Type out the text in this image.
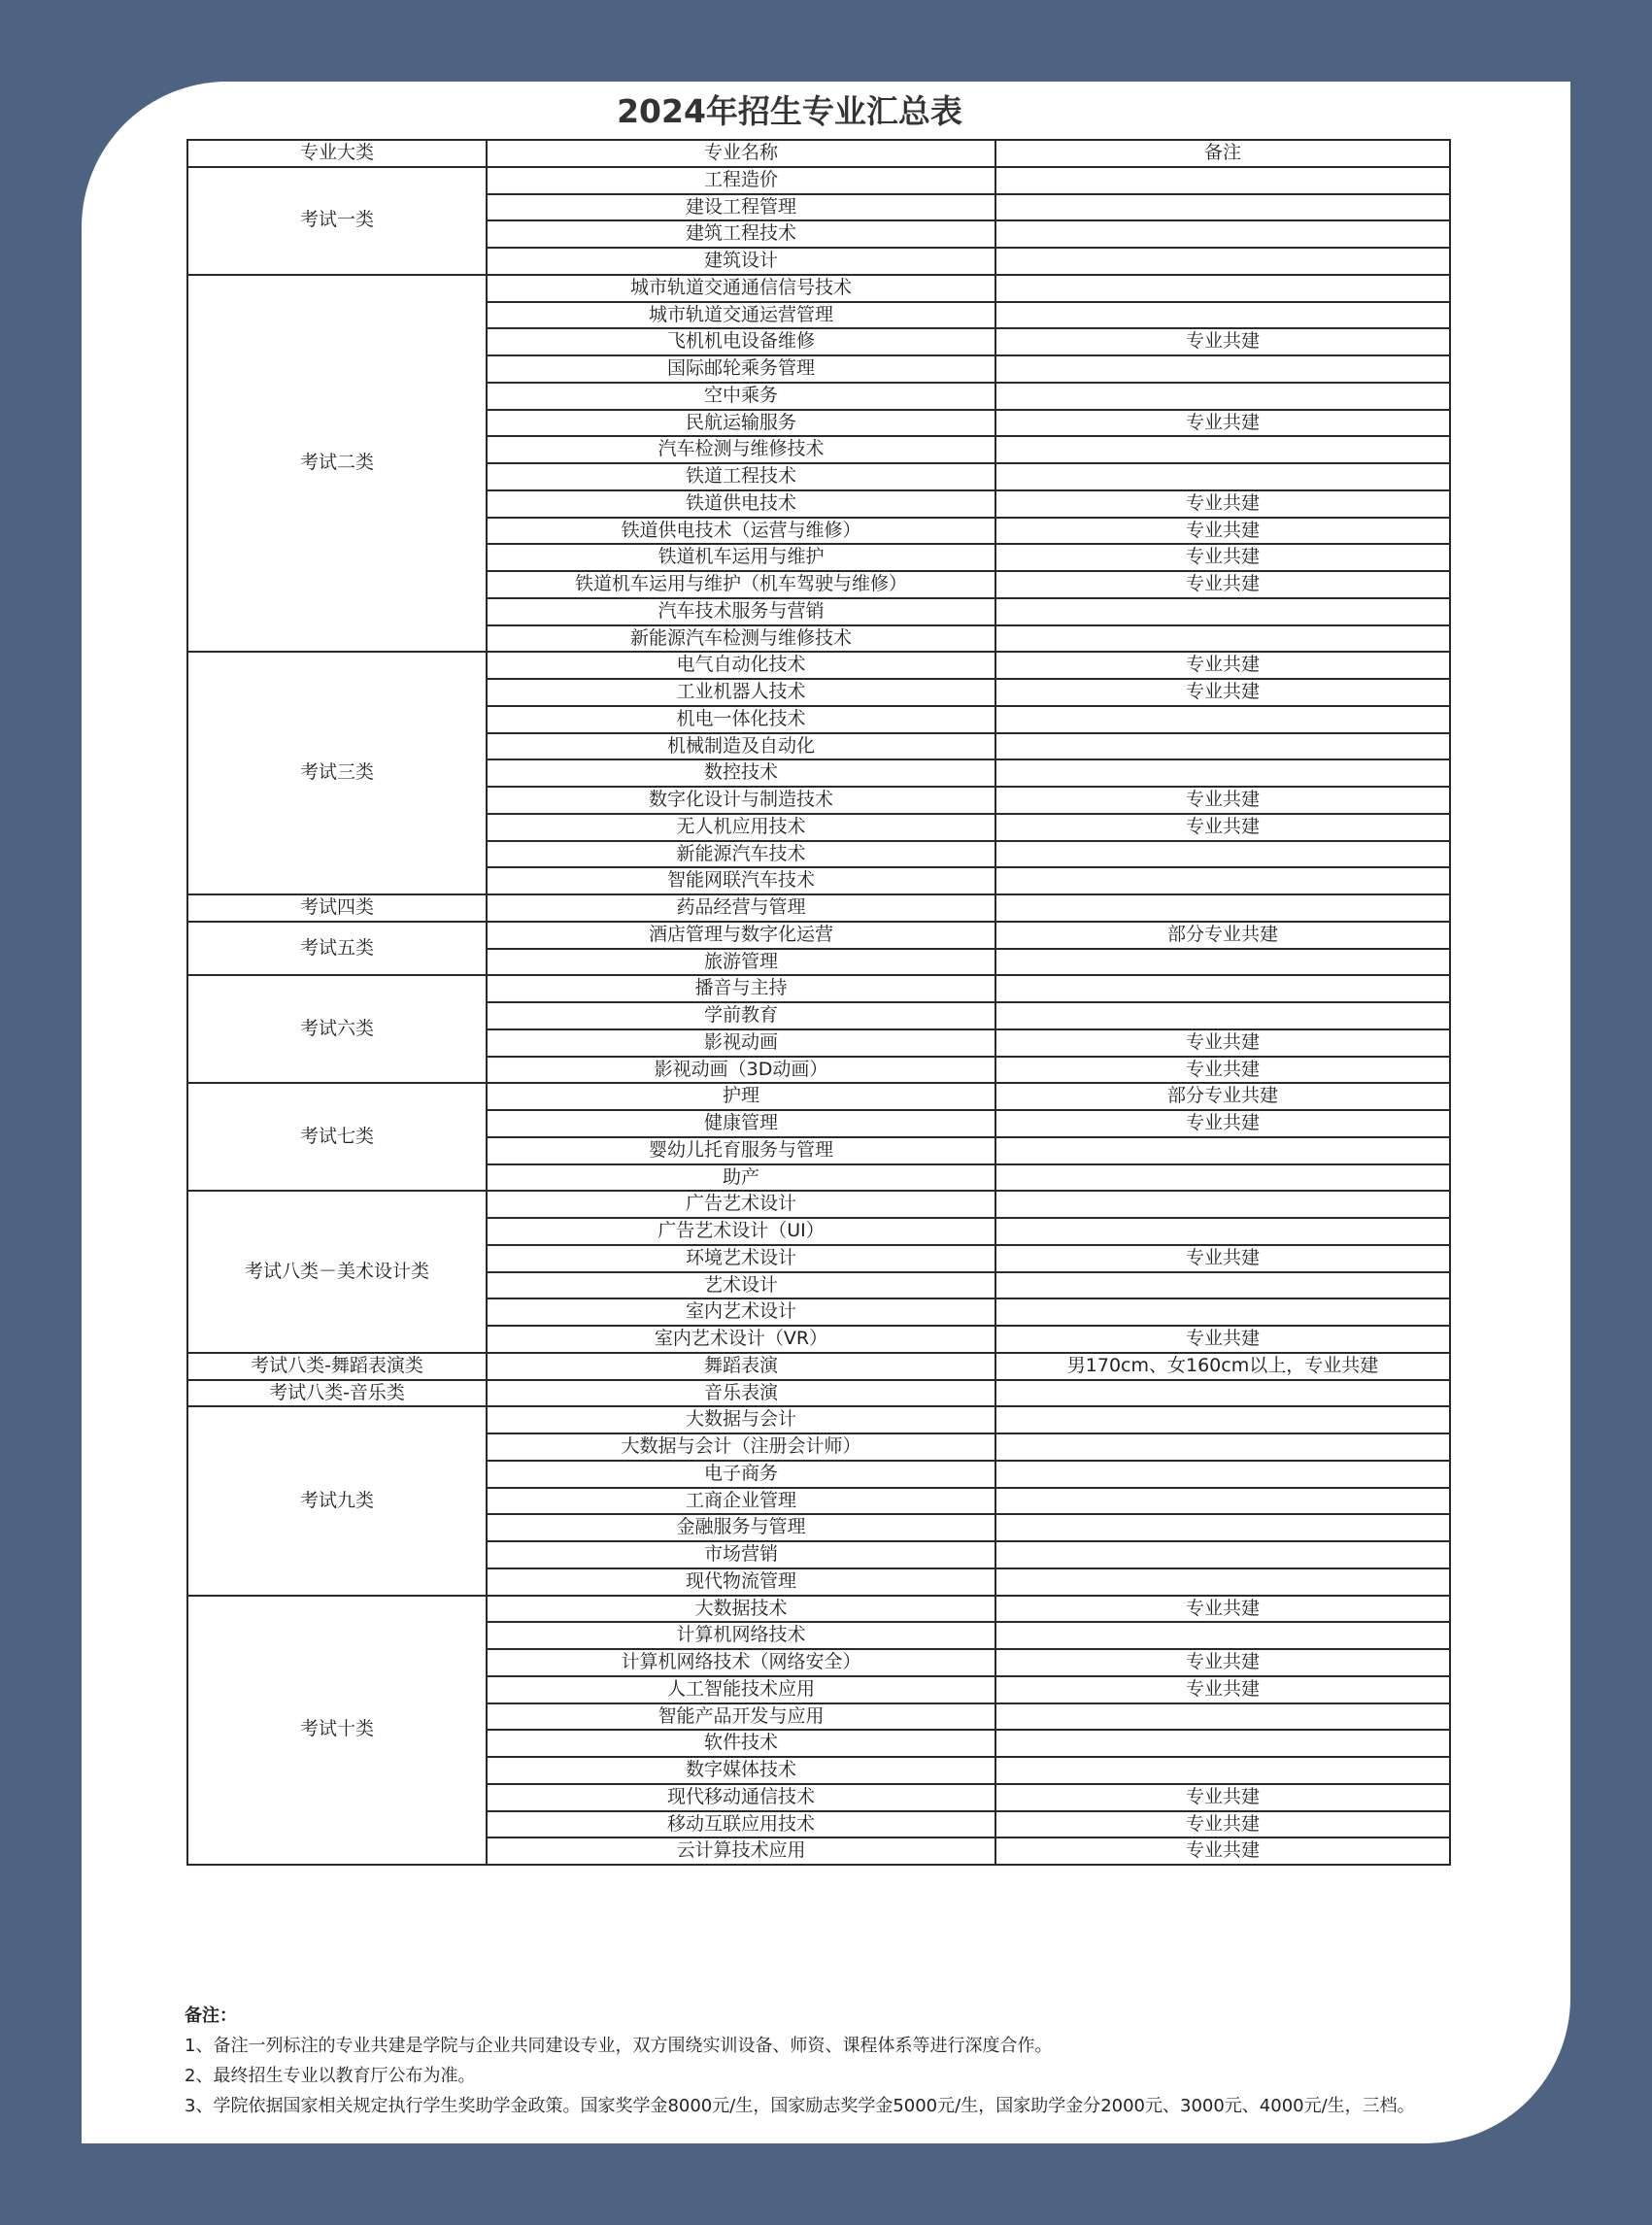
2024年招生专业汇总表
专业大类	专业名称	备注
考试一类	工程造价	
	建设工程管理	
	建筑工程技术	
	建筑设计	
考试二类	城市轨道交通通信信号技术	
	城市轨道交通运营管理	
	飞机机电设备维修	专业共建
	国际邮轮乘务管理	
	空中乘务	
	民航运输服务	专业共建
	汽车检测与维修技术	
	铁道工程技术	
	铁道供电技术	专业共建
	铁道供电技术（运营与维修）	专业共建
	铁道机车运用与维护	专业共建
	铁道机车运用与维护（机车驾驶与维修）	专业共建
	汽车技术服务与营销	
	新能源汽车检测与维修技术	
考试三类	电气自动化技术	专业共建
	工业机器人技术	专业共建
	机电一体化技术	
	机械制造及自动化	
	数控技术	
	数字化设计与制造技术	专业共建
	无人机应用技术	专业共建
	新能源汽车技术	
	智能网联汽车技术	
考试四类	药品经营与管理	
考试五类	酒店管理与数字化运营	部分专业共建
	旅游管理	
考试六类	播音与主持	
	学前教育	
	影视动画	专业共建
	影视动画（3D动画）	专业共建
考试七类	护理	部分专业共建
	健康管理	专业共建
	婴幼儿托育服务与管理	
	助产	
考试八类－美术设计类	广告艺术设计	
	广告艺术设计（UI）	
	环境艺术设计	专业共建
	艺术设计	
	室内艺术设计	
	室内艺术设计（VR）	专业共建
考试八类-舞蹈表演类	舞蹈表演	男170cm、女160cm以上，专业共建
考试八类-音乐类	音乐表演	
考试九类	大数据与会计	
	大数据与会计（注册会计师）	
	电子商务	
	工商企业管理	
	金融服务与管理	
	市场营销	
	现代物流管理	
考试十类	大数据技术	专业共建
	计算机网络技术	
	计算机网络技术（网络安全）	专业共建
	人工智能技术应用	专业共建
	智能产品开发与应用	
	软件技术	
	数字媒体技术	
	现代移动通信技术	专业共建
	移动互联应用技术	专业共建
	云计算技术应用	专业共建
备注：
1、备注一列标注的专业共建是学院与企业共同建设专业，双方围绕实训设备、师资、课程体系等进行深度合作。
2、最终招生专业以教育厅公布为准。
3、学院依据国家相关规定执行学生奖助学金政策。国家奖学金8000元/生，国家励志奖学金5000元/生，国家助学金分2000元、3000元、4000元/生，三档。
